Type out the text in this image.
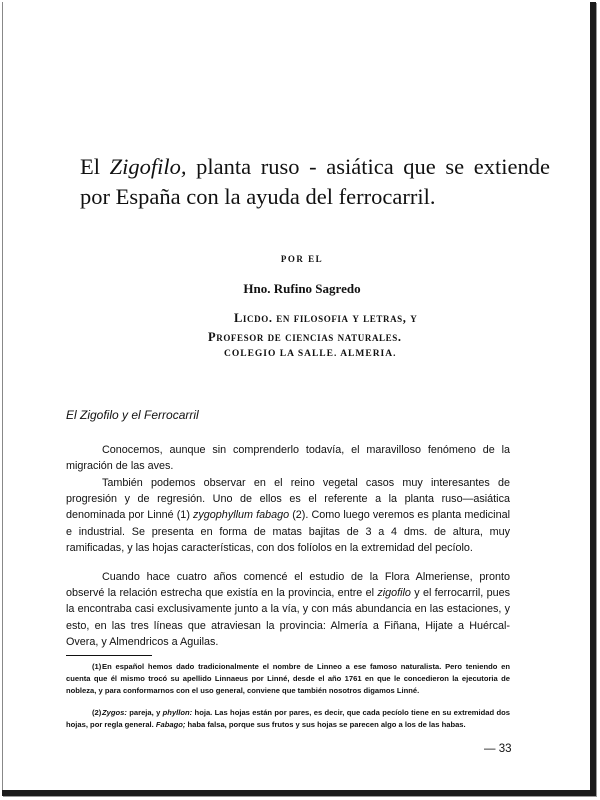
El Zigofilo, planta ruso - asiática que se extiende por España con la ayuda del ferrocarril.
POR EL
Hno. Rufino Sagredo
Licdo. en filosofia y letras, y
Profesor de ciencias naturales.
COLEGIO LA SALLE. ALMERIA.
El Zigofilo y el Ferrocarril
Conocemos, aunque sin comprenderlo todavía, el maravilloso fenómeno de la migración de las aves.
También podemos observar en el reino vegetal casos muy interesantes de progresión y de regresión. Uno de ellos es el referente a la planta ruso—asiática denominada por Linné (1) zygophyllum fabago (2). Como luego veremos es planta medicinal e industrial. Se presenta en forma de matas bajitas de 3 a 4 dms. de altura, muy ramificadas, y las hojas características, con dos folíolos en la extremidad del pecíolo.
Cuando hace cuatro años comencé el estudio de la Flora Almeriense, pronto observé la relación estrecha que existía en la provincia, entre el zigofilo y el ferrocarril, pues la encontraba casi exclusivamente junto a la vía, y con más abundancia en las estaciones, y esto, en las tres líneas que atraviesan la provincia: Almería a Fiñana, Hijate a Huércal-Overa, y Almendricos a Aguilas.
(1)En español hemos dado tradicionalmente el nombre de Linneo a ese famoso naturalista. Pero teniendo en cuenta que él mismo trocó su apellido Linnaeus por Linné, desde el año 1761 en que le concedieron la ejecutoria de nobleza, y para conformarnos con el uso general, conviene que también nosotros digamos Linné.
(2)Zygos: pareja, y phyllon: hoja. Las hojas están por pares, es decir, que cada pecíolo tiene en su extremidad dos hojas, por regla general. Fabago; haba falsa, porque sus frutos y sus hojas se parecen algo a los de las habas.
— 33
